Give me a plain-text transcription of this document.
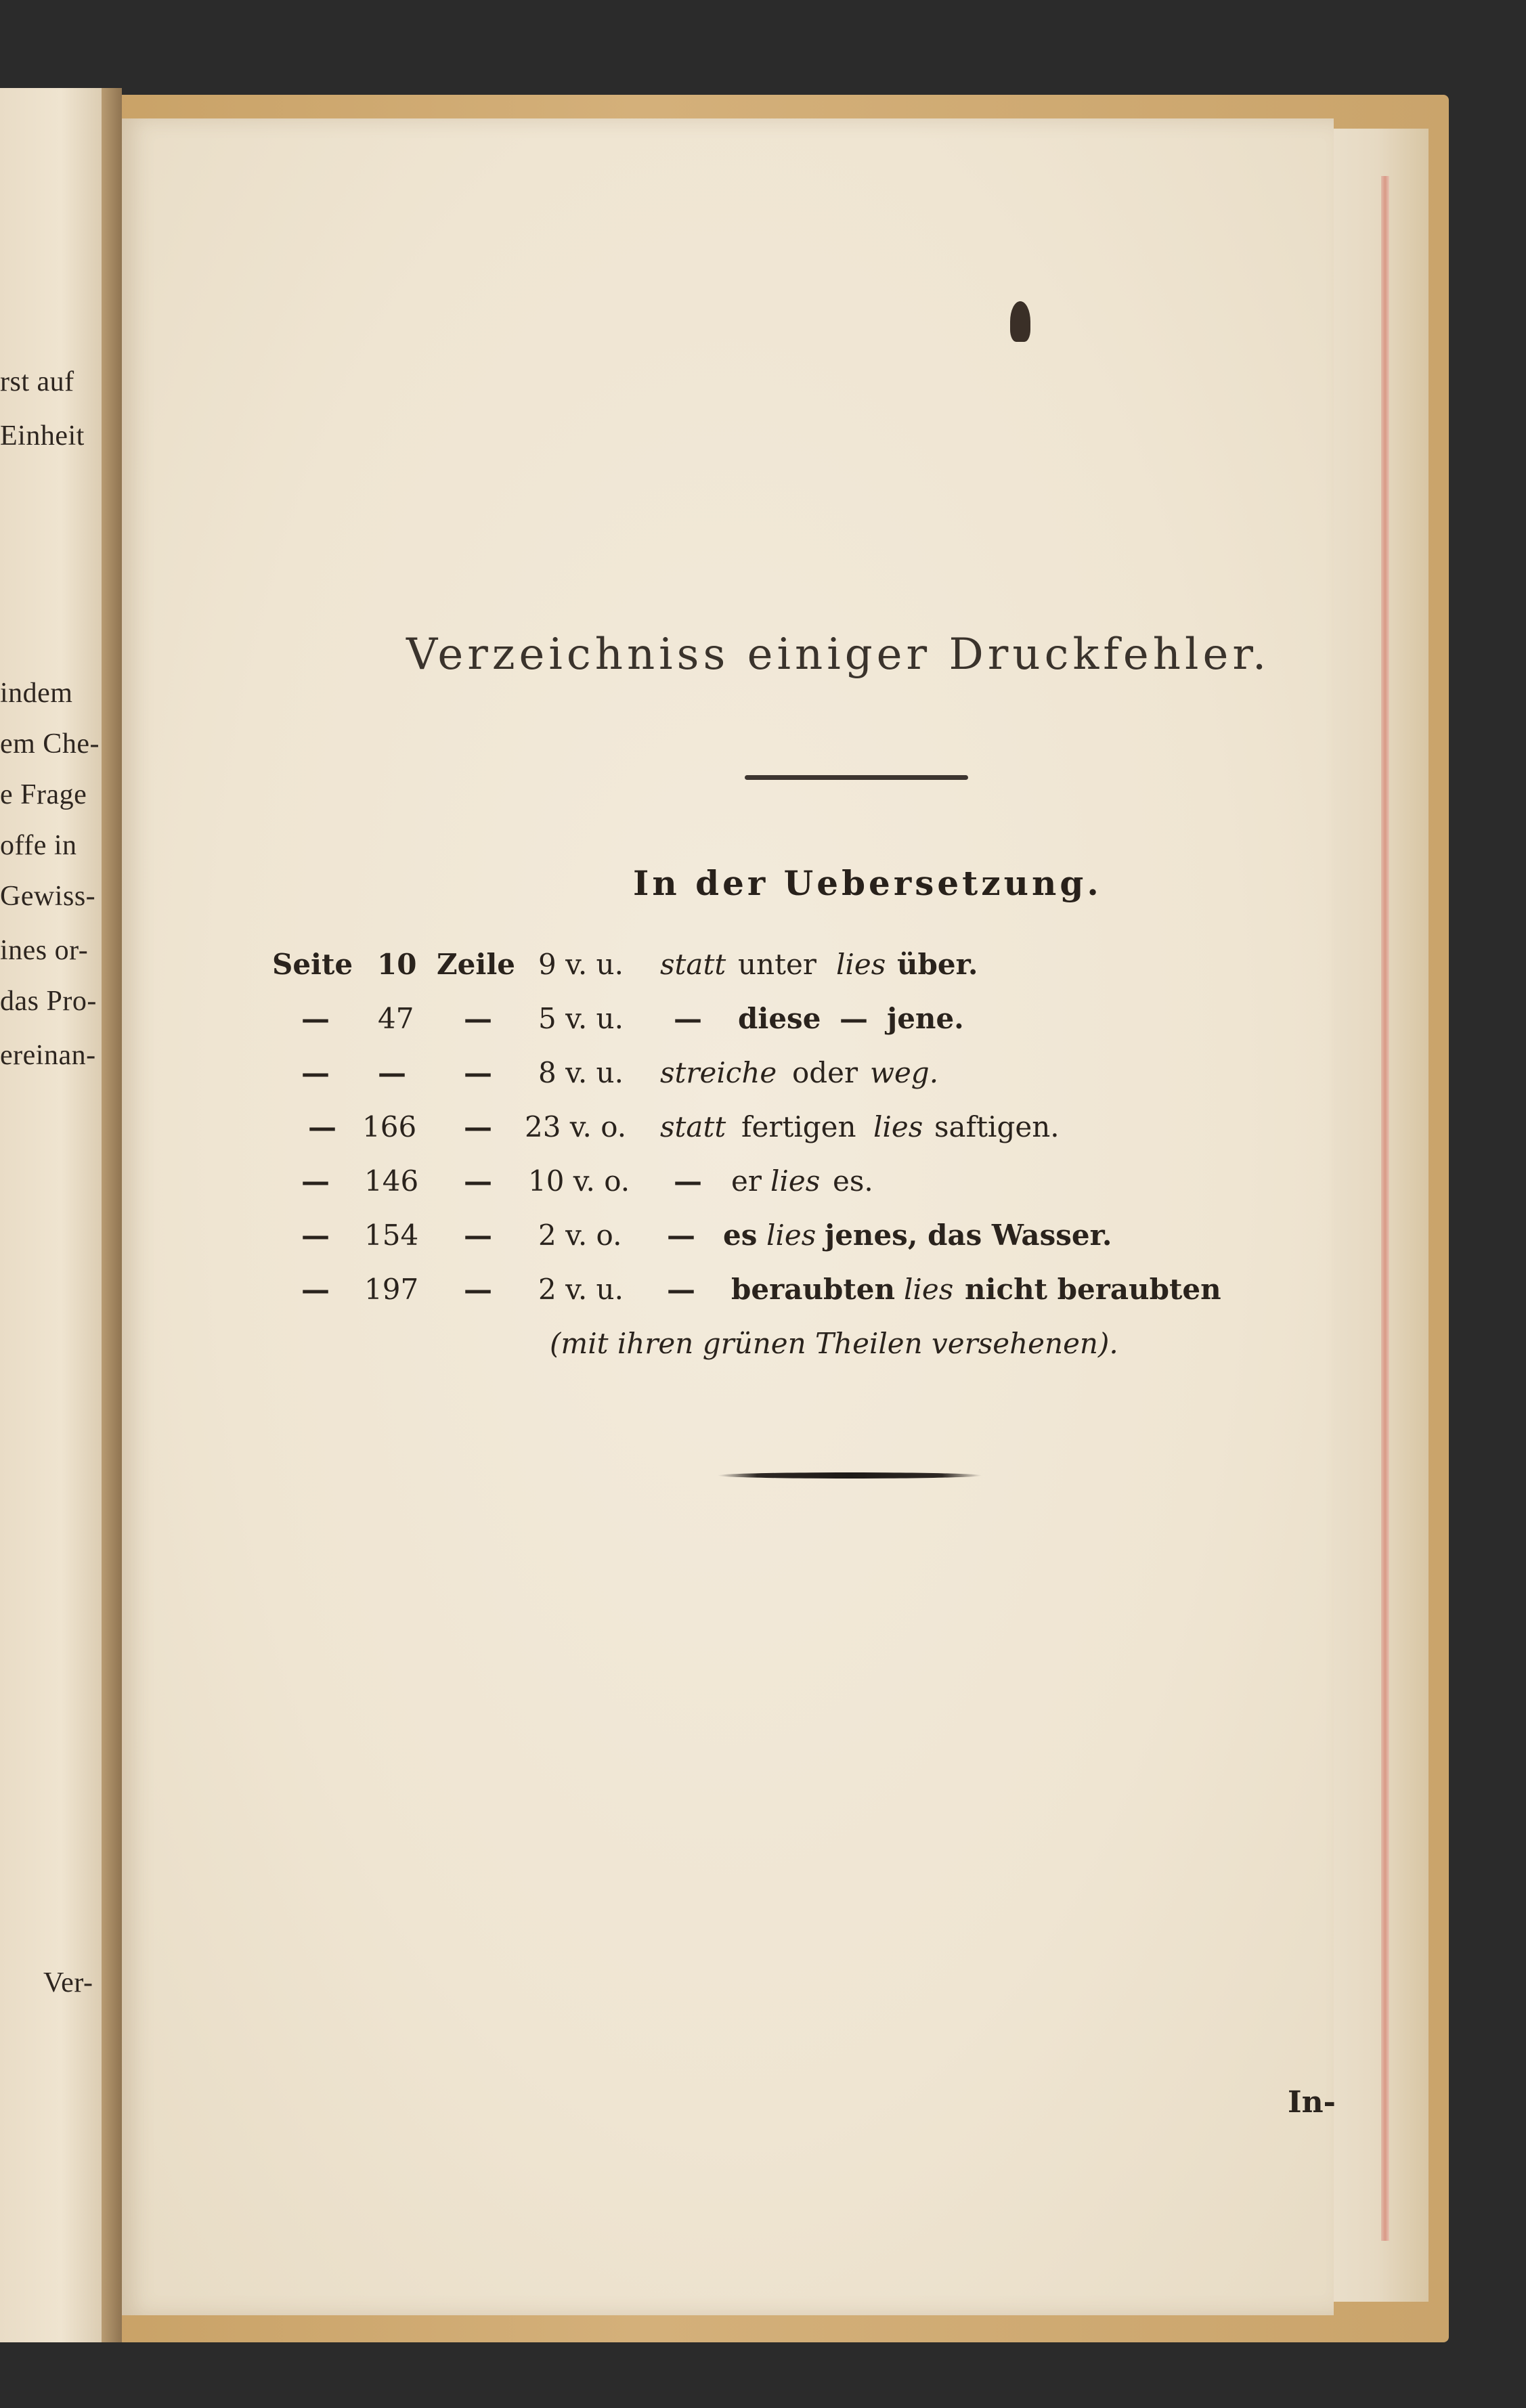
rst auf
Einheit
indem
em Che-
e Frage
offe in
Gewiss-
ines or-
das Pro-
ereinan-
Ver-
Verzeichniss einiger Druckfehler.
In der Uebersetzung.
Seite 10 Zeile 9 v. u. statt unter lies über.
— 47 — 5 v. u. — diese — jene.
— — — 8 v. u. streiche oder weg.
— 166 — 23 v. o. statt fertigen lies saftigen.
— 146 — 10 v. o. — er lies es.
— 154 — 2 v. o. — es lies jenes, das Wasser.
— 197 — 2 v. u. — beraubten lies nicht beraubten
(mit ihren grünen Theilen versehenen).
In-
